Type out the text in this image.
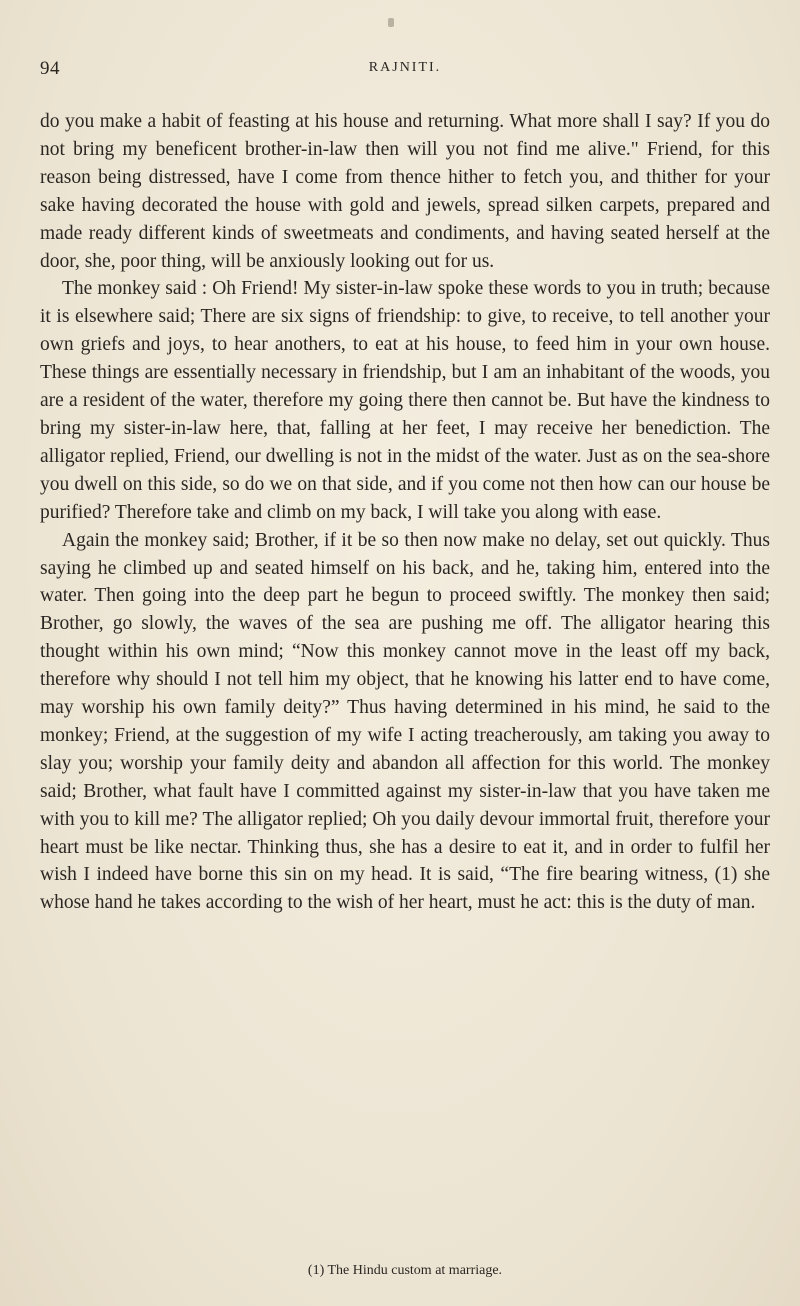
94	RAJNITI.

do you make a habit of feasting at his house and returning. What more shall I say? If you do not bring my beneficent brother-in-law then will you not find me alive." Friend, for this reason being distressed, have I come from thence hither to fetch you, and thither for your sake having decorated the house with gold and jewels, spread silken carpets, prepared and made ready different kinds of sweetmeats and condiments, and having seated herself at the door, she, poor thing, will be anxiously looking out for us.

The monkey said : Oh Friend! My sister-in-law spoke these words to you in truth; because it is elsewhere said; There are six signs of friendship: to give, to receive, to tell another your own griefs and joys, to hear anothers, to eat at his house, to feed him in your own house. These things are essentially necessary in friendship, but I am an inhabitant of the woods, you are a resident of the water, therefore my going there then cannot be. But have the kindness to bring my sister-in-law here, that, falling at her feet, I may receive her benediction. The alligator replied, Friend, our dwelling is not in the midst of the water. Just as on the sea-shore you dwell on this side, so do we on that side, and if you come not then how can our house be purified? Therefore take and climb on my back, I will take you along with ease.

Again the monkey said; Brother, if it be so then now make no delay, set out quickly. Thus saying he climbed up and seated himself on his back, and he, taking him, entered into the water. Then going into the deep part he begun to proceed swiftly. The monkey then said; Brother, go slowly, the waves of the sea are pushing me off. The alligator hearing this thought within his own mind; “Now this monkey cannot move in the least off my back, therefore why should I not tell him my object, that he knowing his latter end to have come, may worship his own family deity?” Thus having determined in his mind, he said to the monkey; Friend, at the suggestion of my wife I acting treacherously, am taking you away to slay you; worship your family deity and abandon all affection for this world. The monkey said; Brother, what fault have I committed against my sister-in-law that you have taken me with you to kill me? The alligator replied; Oh you daily devour immortal fruit, therefore your heart must be like nectar. Thinking thus, she has a desire to eat it, and in order to fulfil her wish I indeed have borne this sin on my head. It is said, “The fire bearing witness, (1) she whose hand he takes according to the wish of her heart, must he act: this is the duty of man.

(1) The Hindu custom at marriage.
